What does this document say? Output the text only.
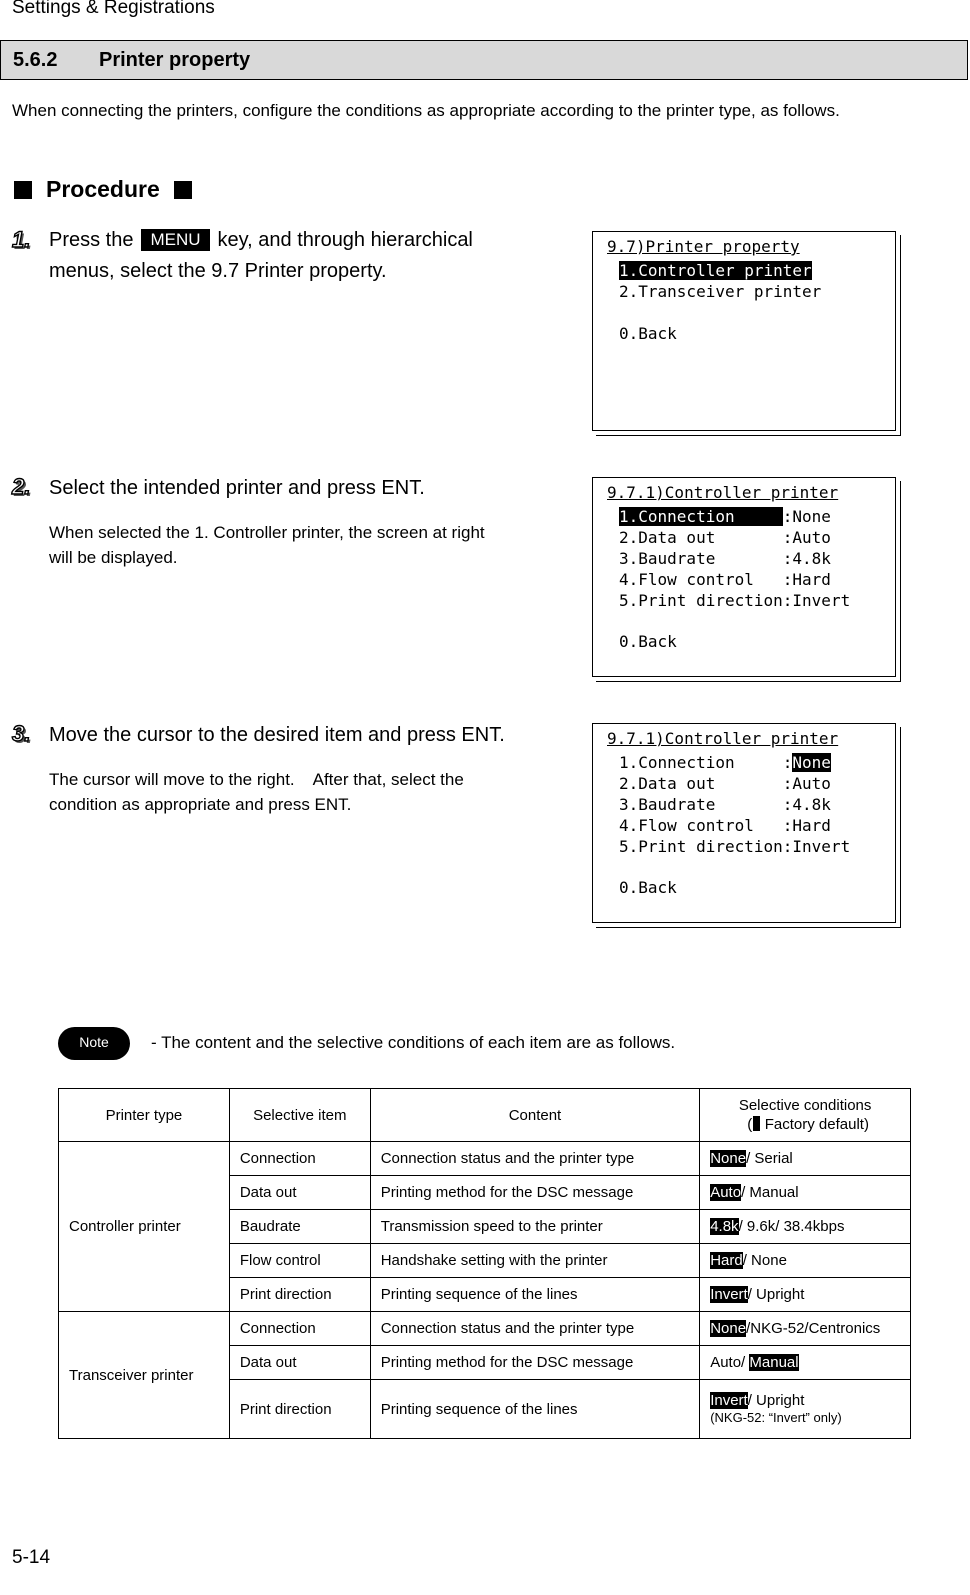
Settings & Registrations
5.6.2 Printer property
When connecting the printers, configure the conditions as appropriate according to the printer type, as follows.
Procedure
1. Press the MENU key, and through hierarchical
menus, select the 9.7 Printer property.
2. Select the intended printer and press ENT.
When selected the 1. Controller printer, the screen at right
will be displayed.
3. Move the cursor to the desired item and press ENT.
The cursor will move to the right.    After that, select the
condition as appropriate and press ENT.
9.7)Printer property
1.Controller printer
2.Transceiver printer
0.Back
9.7.1)Controller printer
1.Connection     :None
2.Data out       :Auto
3.Baudrate       :4.8k
4.Flow control   :Hard
5.Print direction:Invert
0.Back
9.7.1)Controller printer
1.Connection     :None
2.Data out       :Auto
3.Baudrate       :4.8k
4.Flow control   :Hard
5.Print direction:Invert
0.Back
Note	- The content and the selective conditions of each item are as follows.
Printer type	Selective item	Content	Selective conditions
( : Factory default)
Controller printer	Connection	Connection status and the printer type	None/ Serial
	Data out	Printing method for the DSC message	Auto/ Manual
	Baudrate	Transmission speed to the printer	4.8k/ 9.6k/ 38.4kbps
	Flow control	Handshake setting with the printer	Hard/ None
	Print direction	Printing sequence of the lines	Invert/ Upright
Transceiver printer	Connection	Connection status and the printer type	None/NKG-52/Centronics
	Data out	Printing method for the DSC message	Auto/ Manual
	Print direction	Printing sequence of the lines	Invert/ Upright
(NKG-52: “Invert” only)
5-14
